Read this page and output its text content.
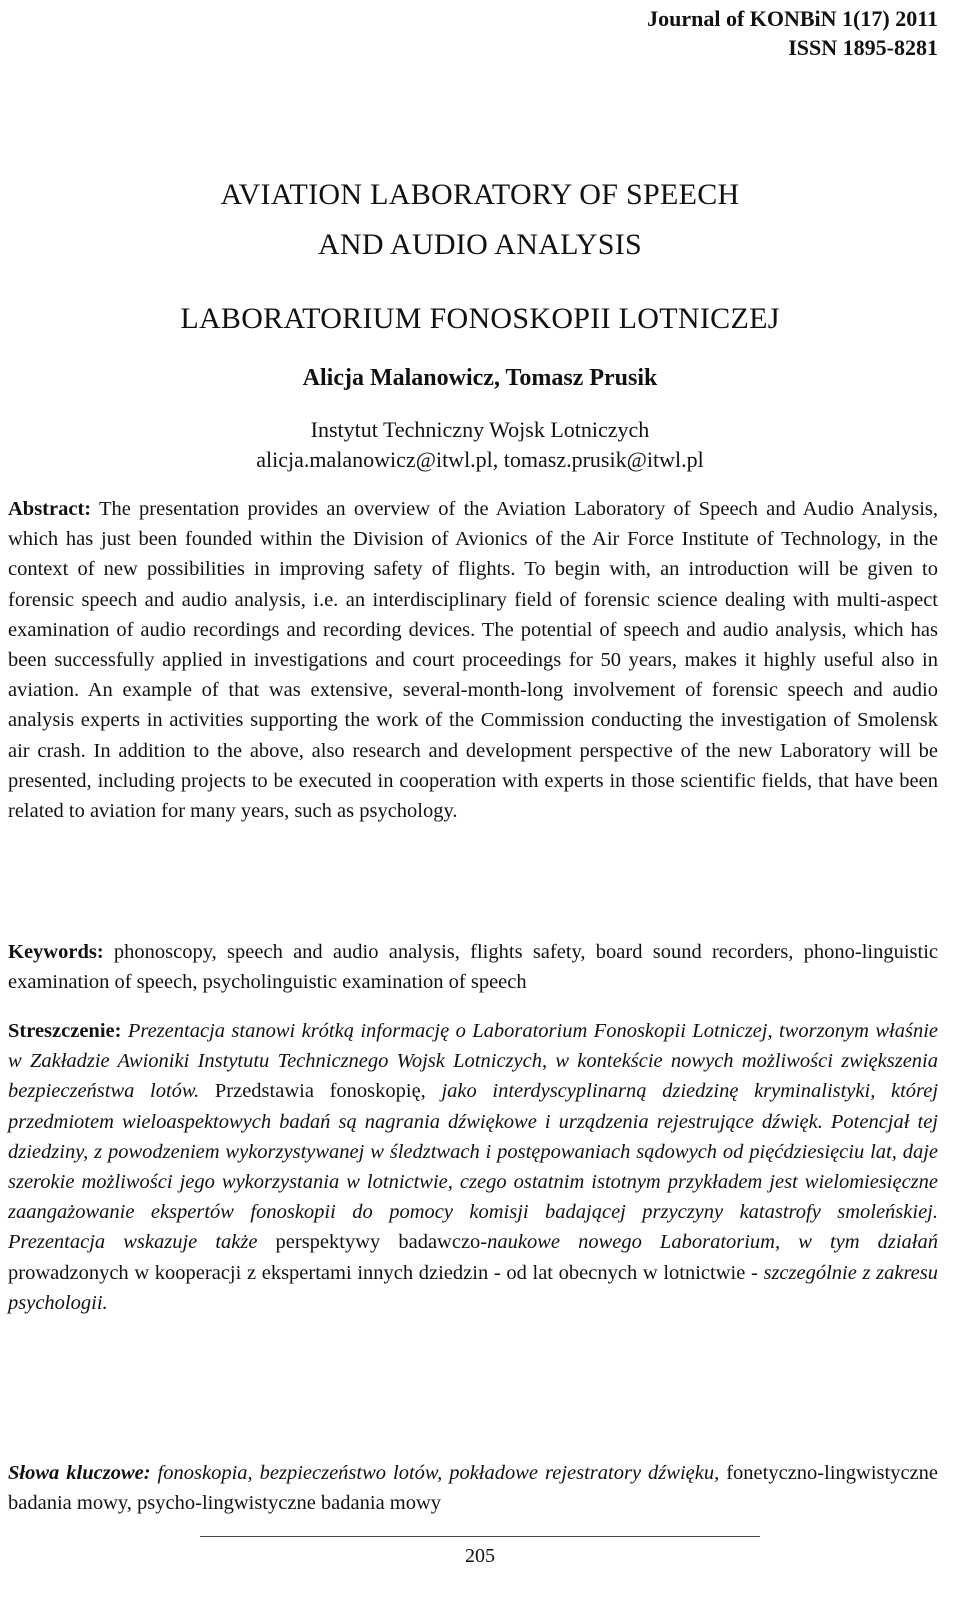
Journal of KONBiN 1(17) 2011
ISSN 1895-8281
AVIATION LABORATORY OF SPEECH
AND AUDIO ANALYSIS
LABORATORIUM FONOSKOPII LOTNICZEJ
Alicja Malanowicz, Tomasz Prusik
Instytut Techniczny Wojsk Lotniczych
alicja.malanowicz@itwl.pl, tomasz.prusik@itwl.pl

Abstract: The presentation provides an overview of the Aviation Laboratory of Speech and Audio Analysis, which has just been founded within the Division of Avionics of the Air Force Institute of Technology, in the context of new possibilities in improving safety of flights. To begin with, an introduction will be given to forensic speech and audio analysis, i.e. an interdisciplinary field of forensic science dealing with multi-aspect examination of audio recordings and recording devices. The potential of speech and audio analysis, which has been successfully applied in investigations and court proceedings for 50 years, makes it highly useful also in aviation. An example of that was extensive, several-month-long involvement of forensic speech and audio analysis experts in activities supporting the work of the Commission conducting the investigation of Smolensk air crash. In addition to the above, also research and development perspective of the new Laboratory will be presented, including projects to be executed in cooperation with experts in those scientific fields, that have been related to aviation for many years, such as psychology.

Keywords: phonoscopy, speech and audio analysis, flights safety, board sound recorders, phono-linguistic examination of speech, psycholinguistic examination of speech

Streszczenie: Prezentacja stanowi krótką informację o Laboratorium Fonoskopii Lotniczej, tworzonym właśnie w Zakładzie Awioniki Instytutu Technicznego Wojsk Lotniczych, w kontekście nowych możliwości zwiększenia bezpieczeństwa lotów. Przedstawia fonoskopię, jako interdyscyplinarną dziedzinę kryminalistyki, której przedmiotem wieloaspektowych badań są nagrania dźwiękowe i urządzenia rejestrujące dźwięk. Potencjał tej dziedziny, z powodzeniem wykorzystywanej w śledztwach i postępowaniach sądowych od pięćdziesięciu lat, daje szerokie możliwości jego wykorzystania w lotnictwie, czego ostatnim istotnym przykładem jest wielomiesięczne zaangażowanie ekspertów fonoskopii do pomocy komisji badającej przyczyny katastrofy smoleńskiej. Prezentacja wskazuje także perspektywy badawczo-naukowe nowego Laboratorium, w tym działań prowadzonych w kooperacji z ekspertami innych dziedzin - od lat obecnych w lotnictwie - szczególnie z zakresu psychologii.

Słowa kluczowe: fonoskopia, bezpieczeństwo lotów, pokładowe rejestratory dźwięku, fonetyczno-lingwistyczne badania mowy, psycho-lingwistyczne badania mowy

205
